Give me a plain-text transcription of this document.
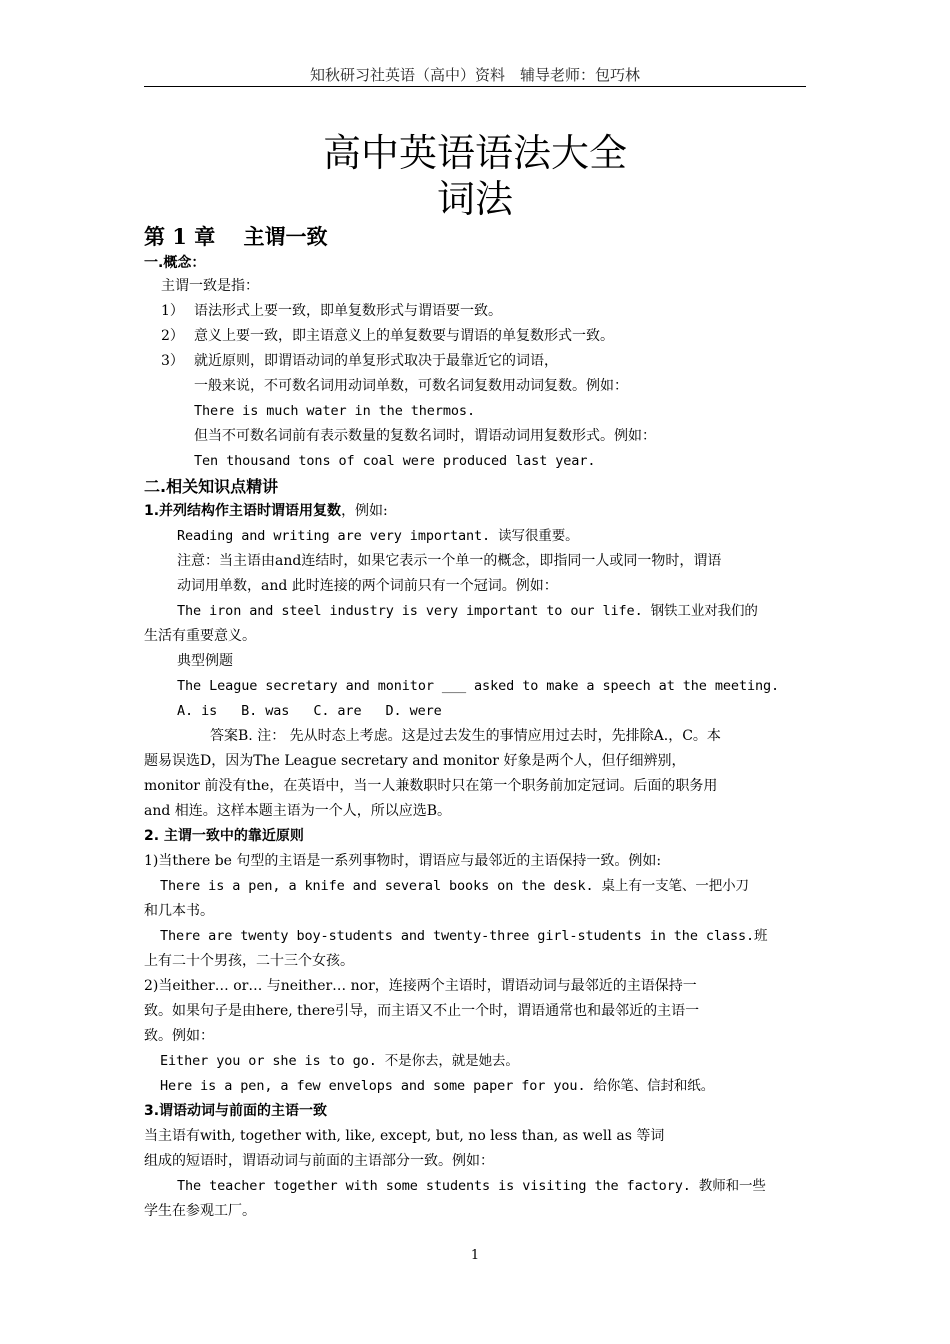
知秋研习社英语（高中）资料　辅导老师：包巧林
高中英语语法大全
词法
第 1 章　 主谓一致
一.概念：
主谓一致是指：
1） 语法形式上要一致，即单复数形式与谓语要一致。
2） 意义上要一致，即主语意义上的单复数要与谓语的单复数形式一致。
3） 就近原则，即谓语动词的单复形式取决于最靠近它的词语，
一般来说，不可数名词用动词单数，可数名词复数用动词复数。例如：
There is much water in the thermos.
但当不可数名词前有表示数量的复数名词时，谓语动词用复数形式。例如：
Ten thousand tons of coal were produced last year.
二.相关知识点精讲
1.并列结构作主语时谓语用复数，例如:
Reading and writing are very important. 读写很重要。
注意：当主语由and连结时，如果它表示一个单一的概念，即指同一人或同一物时，谓语
动词用单数，and 此时连接的两个词前只有一个冠词。例如：
The iron and steel industry is very important to our life. 钢铁工业对我们的
生活有重要意义。
典型例题
The League secretary and monitor ___ asked to make a speech at the meeting.
A. is B. was C. are D. were
答案B. 注： 先从时态上考虑。这是过去发生的事情应用过去时，先排除A.，C。本
题易误选D，因为The League secretary and monitor 好象是两个人，但仔细辨别，
monitor 前没有the，在英语中，当一人兼数职时只在第一个职务前加定冠词。后面的职务用
and 相连。这样本题主语为一个人，所以应选B。
2. 主谓一致中的靠近原则
1)当there be 句型的主语是一系列事物时，谓语应与最邻近的主语保持一致。例如:
There is a pen, a knife and several books on the desk. 桌上有一支笔、一把小刀
和几本书。
There are twenty boy-students and twenty-three girl-students in the class.班
上有二十个男孩，二十三个女孩。
2)当either… or… 与neither… nor，连接两个主语时，谓语动词与最邻近的主语保持一
致。如果句子是由here, there引导，而主语又不止一个时，谓语通常也和最邻近的主语一
致。例如：
Either you or she is to go. 不是你去，就是她去。
Here is a pen, a few envelops and some paper for you. 给你笔、信封和纸。
3.谓语动词与前面的主语一致
当主语有with, together with, like, except, but, no less than, as well as 等词
组成的短语时，谓语动词与前面的主语部分一致。例如：
The teacher together with some students is visiting the factory. 教师和一些
学生在参观工厂。
1
